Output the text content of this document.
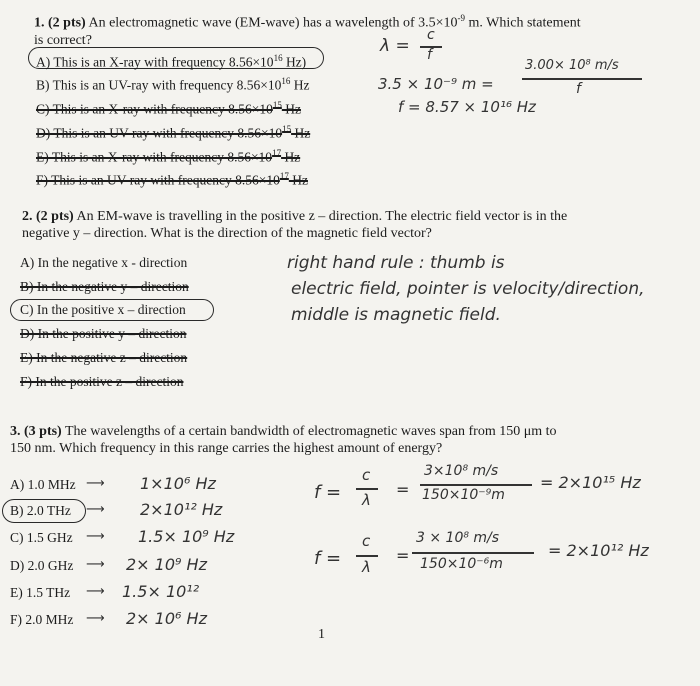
1. (2 pts) An electromagnetic wave (EM-wave) has a wavelength of $3.5\times 10^{-9}$ m. Which statement
is correct?
A) This is an X-ray with frequency $8.56\times 10^{16}$ Hz)
B) This is an UV-ray with frequency $8.56\times 10^{16}$ Hz
C) This is an X-ray with frequency $8.56\times 10^{15}$ Hz
D) This is an UV-ray with frequency $8.56\times 10^{15}$ Hz
E) This is an X-ray with frequency $8.56\times 10^{17}$ Hz
F) This is an UV-ray with frequency $8.56\times 10^{17}$ Hz
λ =
c
f
3.5 × 10⁻⁹ m =
3.00× 10⁸ m/s
f
f = 8.57 × 10¹⁶ Hz
2. (2 pts) An EM-wave is travelling in the positive z – direction. The electric field vector is in the
negative y – direction. What is the direction of the magnetic field vector?
A) In the negative x - direction
B) In the negative y – direction
C) In the positive x – direction
D) In the positive y – direction
E) In the negative z – direction
F) In the positive z – direction
right hand rule : thumb is
electric field, pointer is velocity/direction,
middle is magnetic field.
3. (3 pts) The wavelengths of a certain bandwidth of electromagnetic waves span from 150 μm to
150 nm. Which frequency in this range carries the highest amount of energy?
A) 1.0 MHz ⟶ 1×10⁶ Hz
B) 2.0 THz ⟶ 2×10¹² Hz
C) 1.5 GHz ⟶ 1.5× 10⁹ Hz
D) 2.0 GHz ⟶ 2× 10⁹ Hz
E) 1.5 THz ⟶ 1.5× 10¹²
F) 2.0 MHz ⟶ 2× 10⁶ Hz
f =
c
λ
=
3×10⁸ m/s
150×10⁻⁹m
= 2×10¹⁵ Hz
f =
c
λ
=
3 × 10⁸ m/s
150×10⁻⁶m
= 2×10¹² Hz
1
